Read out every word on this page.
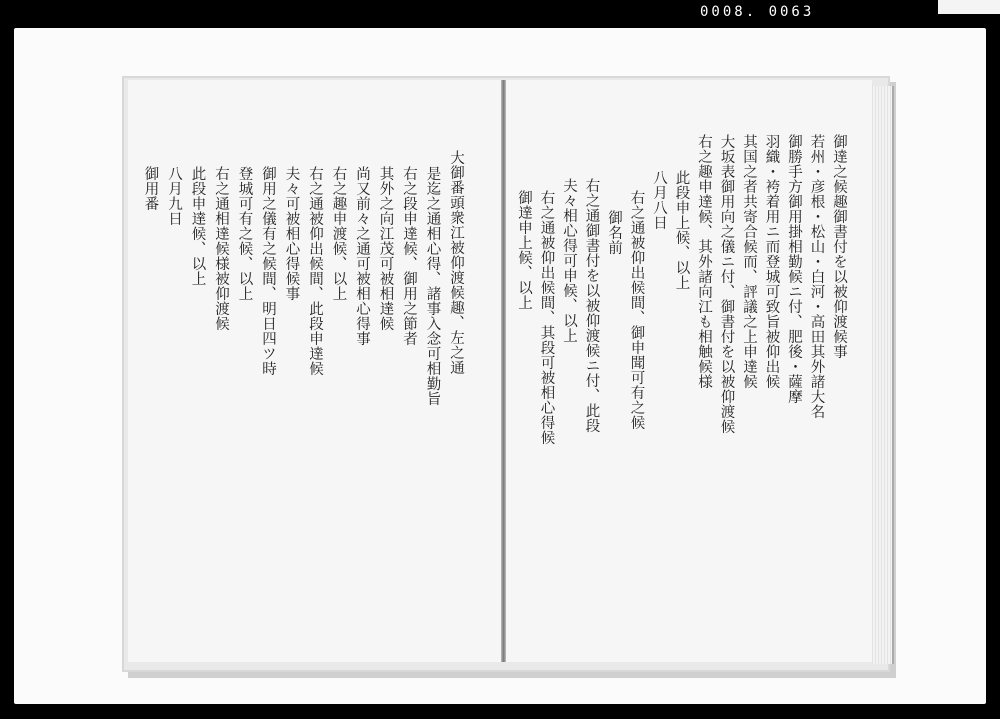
0008. 0063
大御番頭衆江被仰渡候趣、左之通
是迄之通相心得、諸事入念可相勤旨
右之段申達候、御用之節者
其外之向江茂可被相達候
尚又前々之通可被相心得事
右之趣申渡候、以上
右之通被仰出候間、此段申達候
夫々可被相心得候事
御用之儀有之候間、明日四ツ時
登城可有之候、以上
右之通相達候様被仰渡候
此段申達候、以上
八月九日
御用番	御達之候趣御書付を以被仰渡候事
若州・彦根・松山・白河・高田其外諸大名
御勝手方御用掛相勤候ニ付、肥後・薩摩
羽織・袴着用ニ而登城可致旨被仰出候
其国之者共寄合候而、評議之上申達候
大坂表御用向之儀ニ付、御書付を以被仰渡候
右之趣申達候、其外諸向江も相触候様
此段申上候、以上
八月八日
右之通被仰出候間、御申聞可有之候
御名前
右之通御書付を以被仰渡候ニ付、此段
夫々相心得可申候、以上
右之通被仰出候間、其段可被相心得候
御達申上候、以上
